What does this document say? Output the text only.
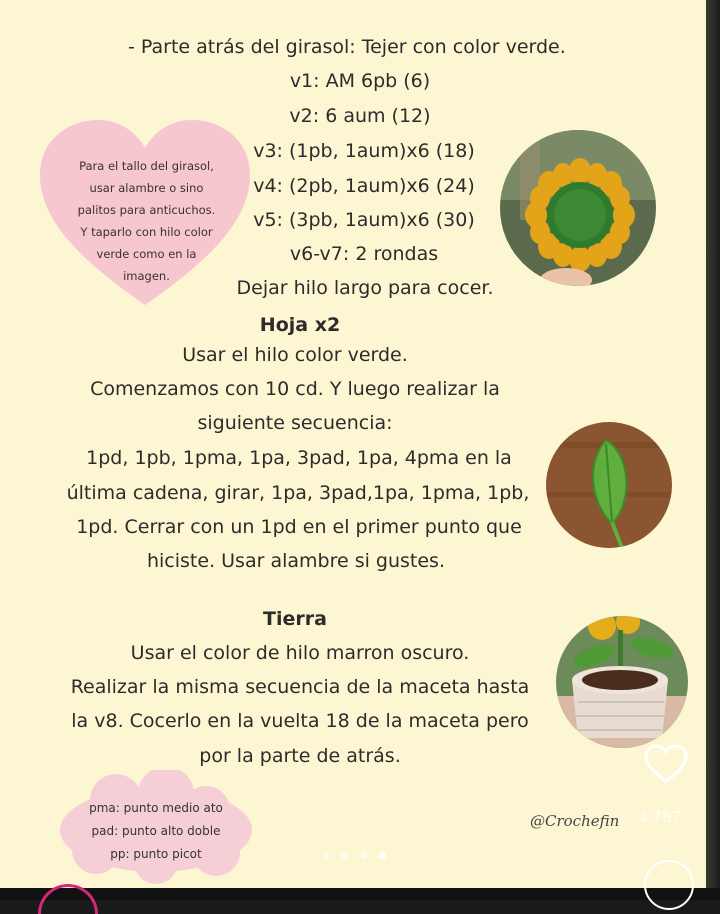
- Parte atrás del girasol: Tejer con color verde.
v1: AM 6pb (6)
v2: 6 aum (12)
v3: (1pb, 1aum)x6 (18)
v4: (2pb, 1aum)x6 (24)
v5: (3pb, 1aum)x6 (30)
v6-v7: 2 rondas
Dejar hilo largo para cocer.
Para el tallo del girasol,
usar alambre o sino
palitos para anticuchos.
Y taparlo con hilo color
verde como en la
imagen.
Hoja x2
Usar el hilo color verde.
Comenzamos con 10 cd. Y luego realizar la
siguiente secuencia:
1pd, 1pb, 1pma, 1pa, 3pad, 1pa, 4pma en la
última cadena, girar, 1pa, 3pad,1pa, 1pma, 1pb,
1pd. Cerrar con un 1pd en el primer punto que
hiciste. Usar alambre si gustes.
Tierra
Usar el color de hilo marron oscuro.
Realizar la misma secuencia de la maceta hasta
la v8. Cocerlo en la vuelta 18 de la maceta pero
por la parte de atrás.
pma: punto medio ato
pad: punto alto doble
pp: punto picot
@Crochefin 4 787
